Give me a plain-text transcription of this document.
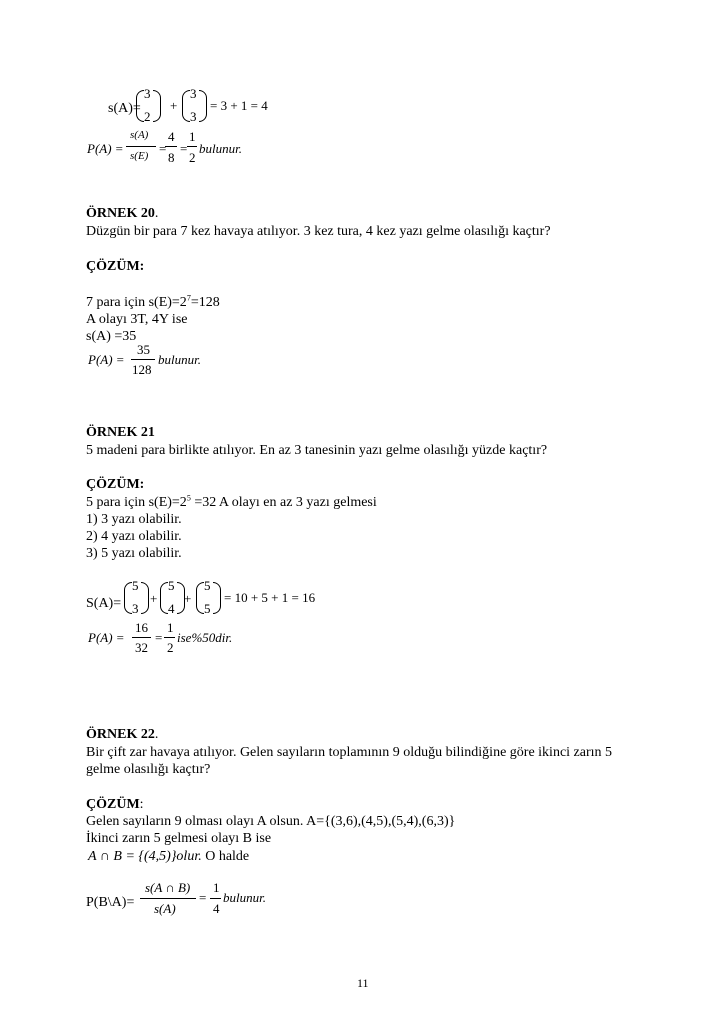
s(A)=
3
2
+
3
3
= 3 + 1 = 4
P(A) =
s(A)
s(E) =
4
8
=
1
2
bulunur.
ÖRNEK 20.
Düzgün bir para 7 kez havaya atılıyor. 3 kez tura, 4 kez yazı gelme olasılığı kaçtır?
ÇÖZÜM:
7 para için $s(E)=2^7=128$
A olayı 3T, 4Y ise
s(A) =35
P(A) =
35
128
bulunur.
ÖRNEK 21
5 madeni para birlikte atılıyor. En az 3 tanesinin yazı gelme olasılığı yüzde kaçtır?
ÇÖZÜM:
5 para için $s(E)=2^5 =32$ A olayı en az 3 yazı gelmesi
1) 3 yazı olabilir.
2) 4 yazı olabilir.
3) 5 yazı olabilir.
S(A)=
5
3
+
5
4
+
5
5
= 10 + 5 + 1 = 16
P(A) =
16
32
=
1
2
ise%50dir.
ÖRNEK 22.
Bir çift zar havaya atılıyor. Gelen sayıların toplamının 9 olduğu bilindiğine göre ikinci zarın 5
gelme olasılığı kaçtır?
ÇÖZÜM:
Gelen sayıların 9 olması olayı A olsun. A={(3,6),(4,5),(5,4),(6,3)}
İkinci zarın 5 gelmesi olayı B ise
A ∩ B = {(4,5)}olur. O halde
P(B\A)=
s(A ∩ B)
s(A)
=
1
4
bulunur.
11
